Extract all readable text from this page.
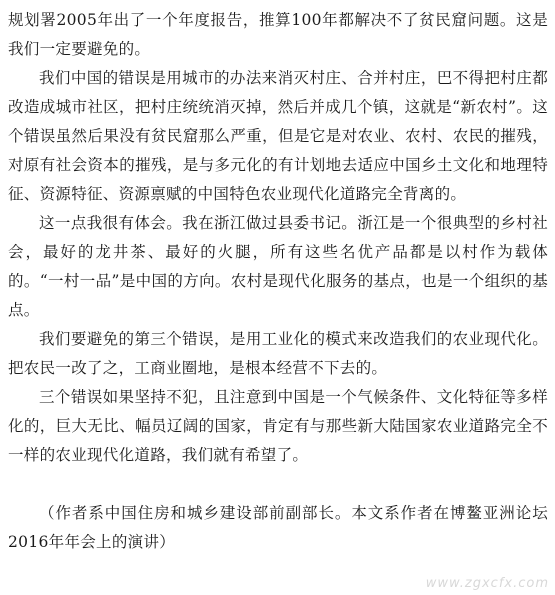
规划署2005年出了一个年度报告，推算100年都解决不了贫民窟问题。这是我们一定要避免的。

我们中国的错误是用城市的办法来消灭村庄、合并村庄，巴不得把村庄都改造成城市社区，把村庄统统消灭掉，然后并成几个镇，这就是“新农村”。这个错误虽然后果没有贫民窟那么严重，但是它是对农业、农村、农民的摧残，对原有社会资本的摧残，是与多元化的有计划地去适应中国乡土文化和地理特征、资源特征、资源禀赋的中国特色农业现代化道路完全背离的。

这一点我很有体会。我在浙江做过县委书记。浙江是一个很典型的乡村社会，最好的龙井茶、最好的火腿，所有这些名优产品都是以村作为载体的。“一村一品”是中国的方向。农村是现代化服务的基点，也是一个组织的基点。

我们要避免的第三个错误，是用工业化的模式来改造我们的农业现代化。把农民一改了之，工商业圈地，是根本经营不下去的。

三个错误如果坚持不犯，且注意到中国是一个气候条件、文化特征等多样化的，巨大无比、幅员辽阔的国家，肯定有与那些新大陆国家农业道路完全不一样的农业现代化道路，我们就有希望了。

（作者系中国住房和城乡建设部前副部长。本文系作者在博鳌亚洲论坛2016年年会上的演讲）

www.zgxcfx.com
